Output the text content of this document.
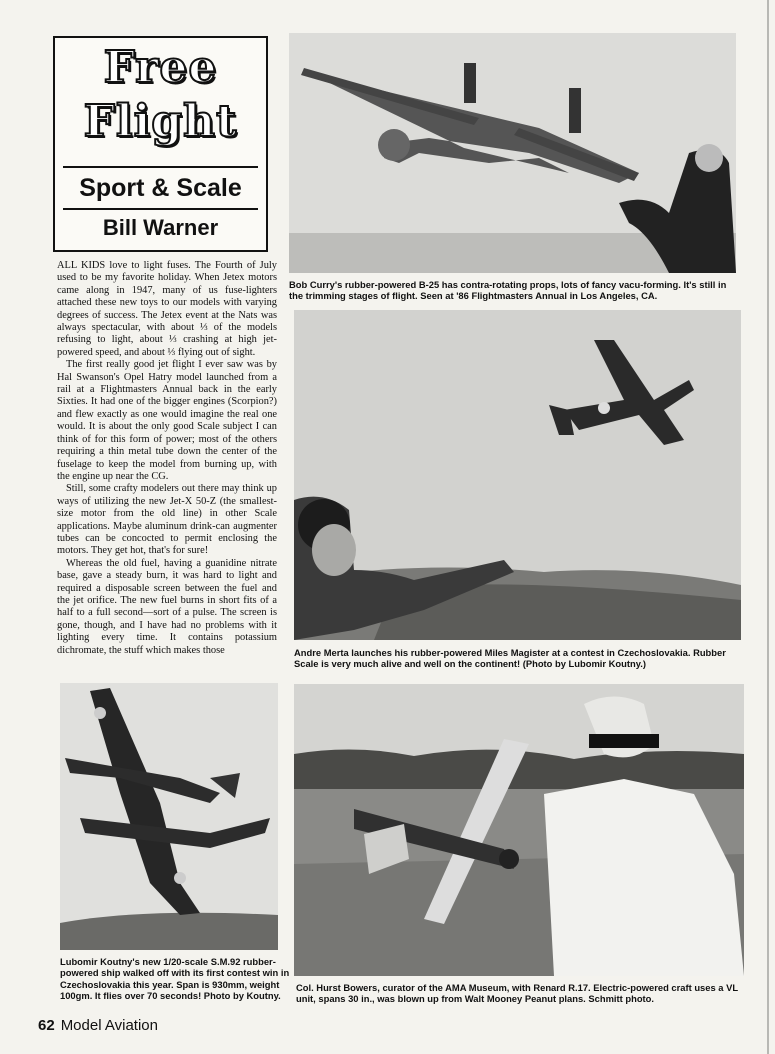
Free
Flight
Sport & Scale
Bill Warner

ALL KIDS love to light fuses. The Fourth of July used to be my favorite holiday. When Jetex motors came along in 1947, many of us fuse-lighters attached these new toys to our models with varying degrees of success. The Jetex event at the Nats was always spectacular, with about ⅓ of the models refusing to light, about ⅓ crashing at high jet-powered speed, and about ⅓ flying out of sight.

The first really good jet flight I ever saw was by Hal Swanson's Opel Hatry model launched from a rail at a Flightmasters Annual back in the early Sixties. It had one of the bigger engines (Scorpion?) and flew exactly as one would imagine the real one would. It is about the only good Scale subject I can think of for this form of power; most of the others requiring a thin metal tube down the center of the fuselage to keep the model from burning up, with the engine up near the CG.

Still, some crafty modelers out there may think up ways of utilizing the new Jet-X 50-Z (the smallest-size motor from the old line) in other Scale applications. Maybe aluminum drink-can augmenter tubes can be concocted to permit enclosing the motors. They get hot, that's for sure!

Whereas the old fuel, having a guanidine nitrate base, gave a steady burn, it was hard to light and required a disposable screen between the fuel and the jet orifice. The new fuel burns in short fits of a half to a full second—sort of a pulse. The screen is gone, though, and I have had no problems with it lighting every time. It contains potassium dichromate, the stuff which makes those

Bob Curry's rubber-powered B-25 has contra-rotating props, lots of fancy vacu-forming. It's still in the trimming stages of flight. Seen at '86 Flightmasters Annual in Los Angeles, CA.
Andre Merta launches his rubber-powered Miles Magister at a contest in Czechoslovakia. Rubber Scale is very much alive and well on the continent! (Photo by Lubomir Koutny.)
Lubomir Koutny's new 1/20-scale S.M.92 rubber-powered ship walked off with its first contest win in Czechoslovakia this year. Span is 930mm, weight 100gm. It flies over 70 seconds! Photo by Koutny.
Col. Hurst Bowers, curator of the AMA Museum, with Renard R.17. Electric-powered craft uses a VL unit, spans 30 in., was blown up from Walt Mooney Peanut plans. Schmitt photo.
62 Model Aviation
